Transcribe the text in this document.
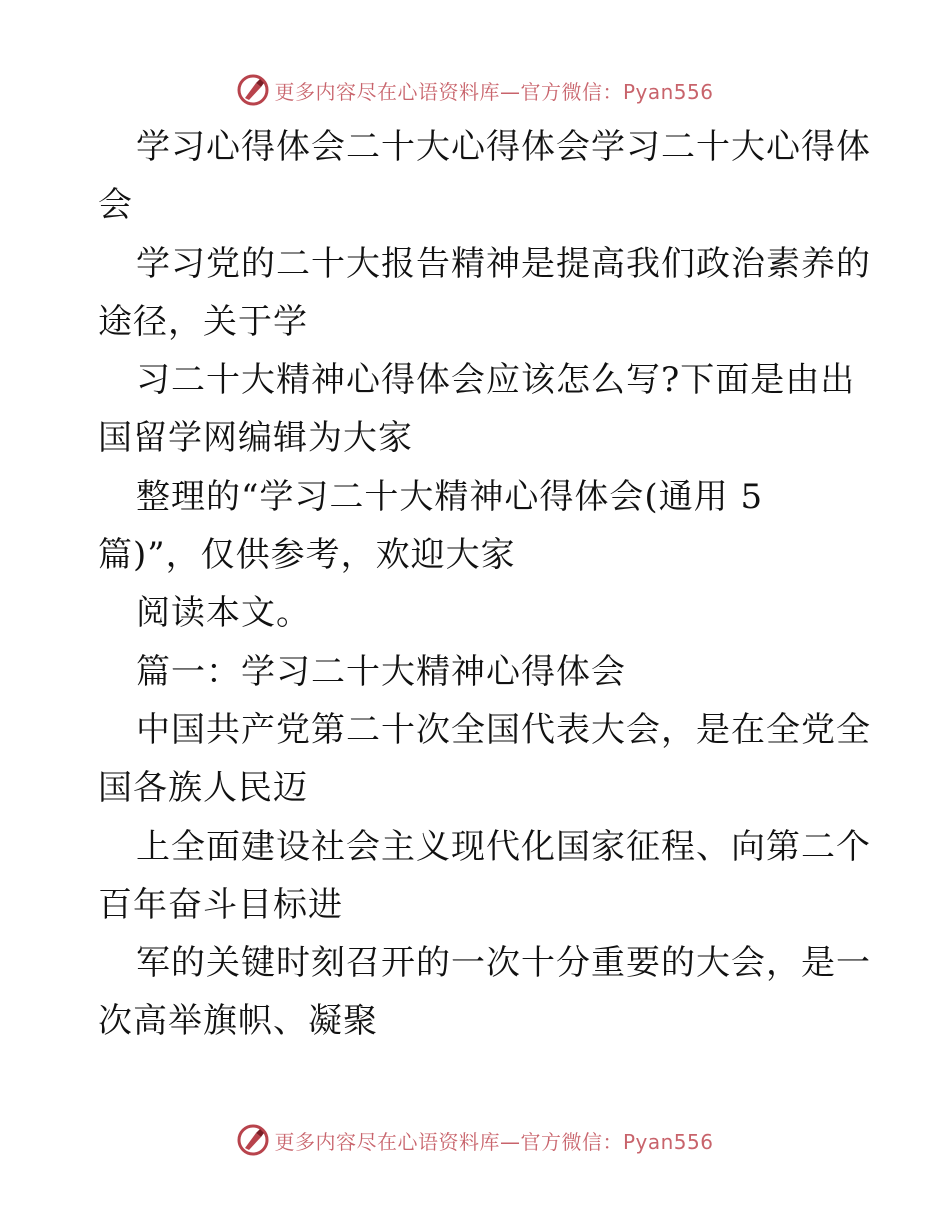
更多内容尽在心语资料库—官方微信：Pyan556
学习心得体会二十大心得体会学习二十大心得体
会
学习党的二十大报告精神是提高我们政治素养的
途径，关于学
习二十大精神心得体会应该怎么写?下面是由出
国留学网编辑为大家
整理的“学习二十大精神心得体会(通用 5
篇)”，仅供参考，欢迎大家
阅读本文。
篇一：学习二十大精神心得体会
中国共产党第二十次全国代表大会，是在全党全
国各族人民迈
上全面建设社会主义现代化国家征程、向第二个
百年奋斗目标进
军的关键时刻召开的一次十分重要的大会，是一
次高举旗帜、凝聚
更多内容尽在心语资料库—官方微信：Pyan556
